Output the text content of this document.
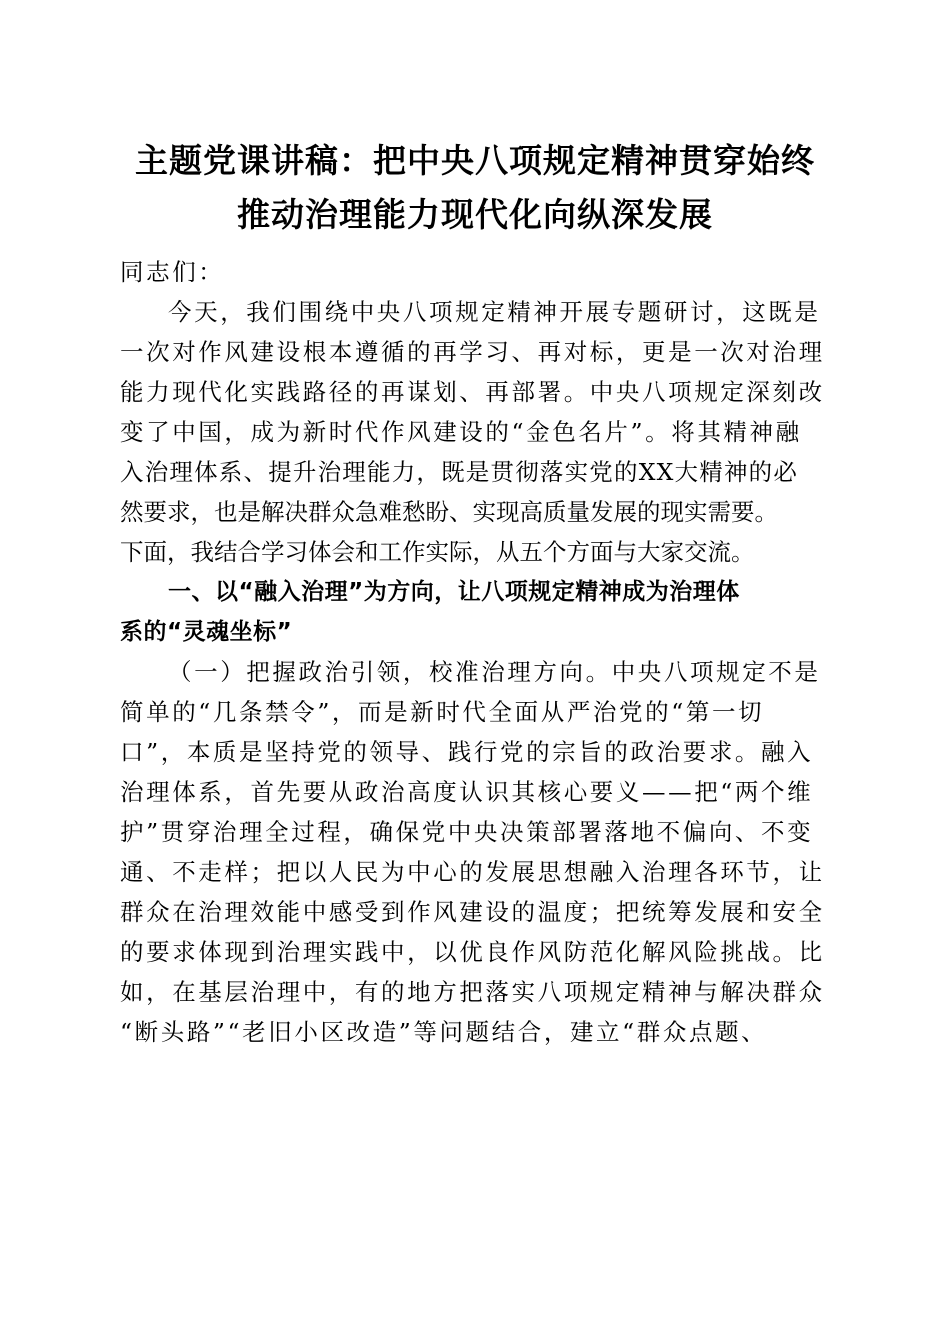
主题党课讲稿：把中央八项规定精神贯穿始终
推动治理能力现代化向纵深发展
同志们：
今天，我们围绕中央八项规定精神开展专题研讨，这既是
一次对作风建设根本遵循的再学习、再对标，更是一次对治理
能力现代化实践路径的再谋划、再部署。中央八项规定深刻改
变了中国，成为新时代作风建设的“金色名片”。将其精神融
入治理体系、提升治理能力，既是贯彻落实党的XX大精神的必
然要求，也是解决群众急难愁盼、实现高质量发展的现实需要。
下面，我结合学习体会和工作实际，从五个方面与大家交流。
一、以“融入治理”为方向，让八项规定精神成为治理体
系的“灵魂坐标”
（一）把握政治引领，校准治理方向。中央八项规定不是
简单的“几条禁令”，而是新时代全面从严治党的“第一切
口”，本质是坚持党的领导、践行党的宗旨的政治要求。融入
治理体系，首先要从政治高度认识其核心要义——把“两个维
护”贯穿治理全过程，确保党中央决策部署落地不偏向、不变
通、不走样；把以人民为中心的发展思想融入治理各环节，让
群众在治理效能中感受到作风建设的温度；把统筹发展和安全
的要求体现到治理实践中，以优良作风防范化解风险挑战。比
如，在基层治理中，有的地方把落实八项规定精神与解决群众
“断头路”“老旧小区改造”等问题结合，建立“群众点题、
